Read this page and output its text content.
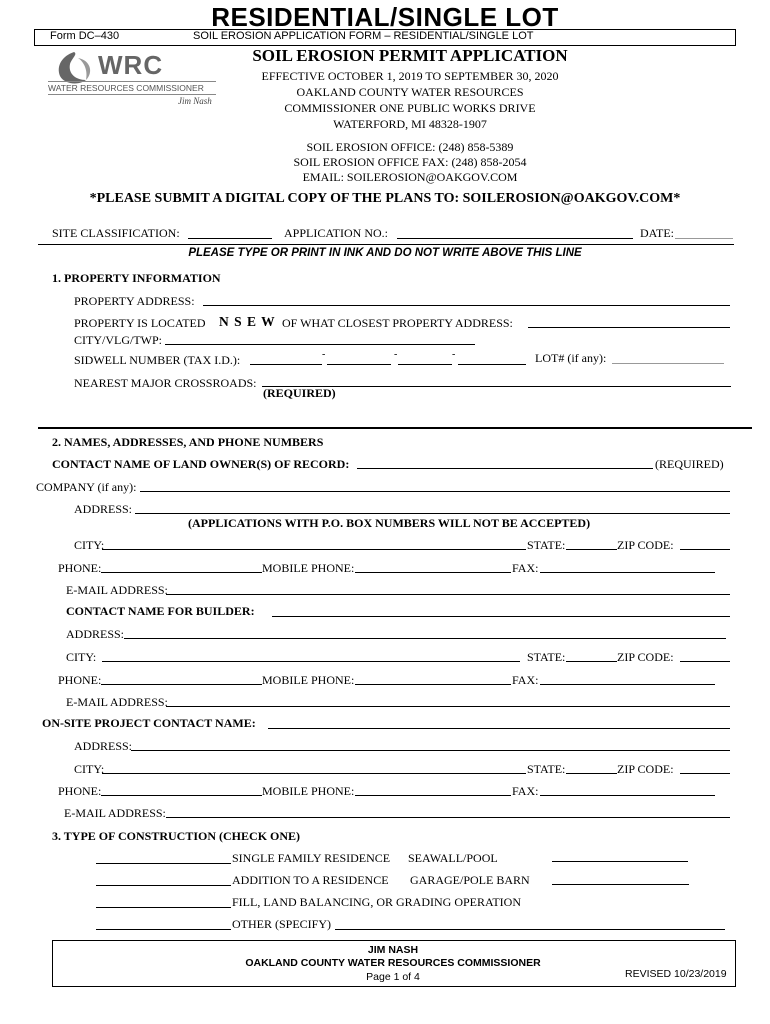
RESIDENTIAL/SINGLE LOT
Form DC–430	SOIL EROSION APPLICATION FORM – RESIDENTIAL/SINGLE LOT
WRC
WATER RESOURCES COMMISSIONER
Jim Nash
SOIL EROSION PERMIT APPLICATION
EFFECTIVE OCTOBER 1, 2019 TO SEPTEMBER 30, 2020
OAKLAND COUNTY WATER RESOURCES
COMMISSIONER ONE PUBLIC WORKS DRIVE
WATERFORD, MI 48328-1907
SOIL EROSION OFFICE: (248) 858-5389
SOIL EROSION OFFICE FAX: (248) 858-2054
EMAIL: SOILEROSION@OAKGOV.COM
*PLEASE SUBMIT A DIGITAL COPY OF THE PLANS TO: SOILEROSION@OAKGOV.COM*
SITE CLASSIFICATION:	APPLICATION NO.:	DATE:
PLEASE TYPE OR PRINT IN INK AND DO NOT WRITE ABOVE THIS LINE
1. PROPERTY INFORMATION
PROPERTY ADDRESS:
PROPERTY IS LOCATED N S E W OF WHAT CLOSEST PROPERTY ADDRESS:
CITY/VLG/TWP:
SIDWELL NUMBER (TAX I.D.):	-	-	-	LOT# (if any):
NEAREST MAJOR CROSSROADS:
(REQUIRED)
2. NAMES, ADDRESSES, AND PHONE NUMBERS
CONTACT NAME OF LAND OWNER(S) OF RECORD:	(REQUIRED)
COMPANY (if any):
ADDRESS:
(APPLICATIONS WITH P.O. BOX NUMBERS WILL NOT BE ACCEPTED)
CITY:	STATE:	ZIP CODE:
PHONE:	MOBILE PHONE:	FAX:
E-MAIL ADDRESS:
CONTACT NAME FOR BUILDER:
ADDRESS:
CITY:	STATE:	ZIP CODE:
PHONE:	MOBILE PHONE:	FAX:
E-MAIL ADDRESS:
ON-SITE PROJECT CONTACT NAME:
ADDRESS:
CITY:	STATE:	ZIP CODE:
PHONE:	MOBILE PHONE:	FAX:
E-MAIL ADDRESS:
3. TYPE OF CONSTRUCTION (CHECK ONE)
SINGLE FAMILY RESIDENCE SEAWALL/POOL
ADDITION TO A RESIDENCE GARAGE/POLE BARN
FILL, LAND BALANCING, OR GRADING OPERATION
OTHER (SPECIFY)
JIM NASH
OAKLAND COUNTY WATER RESOURCES COMMISSIONER
Page 1 of 4	REVISED 10/23/2019
